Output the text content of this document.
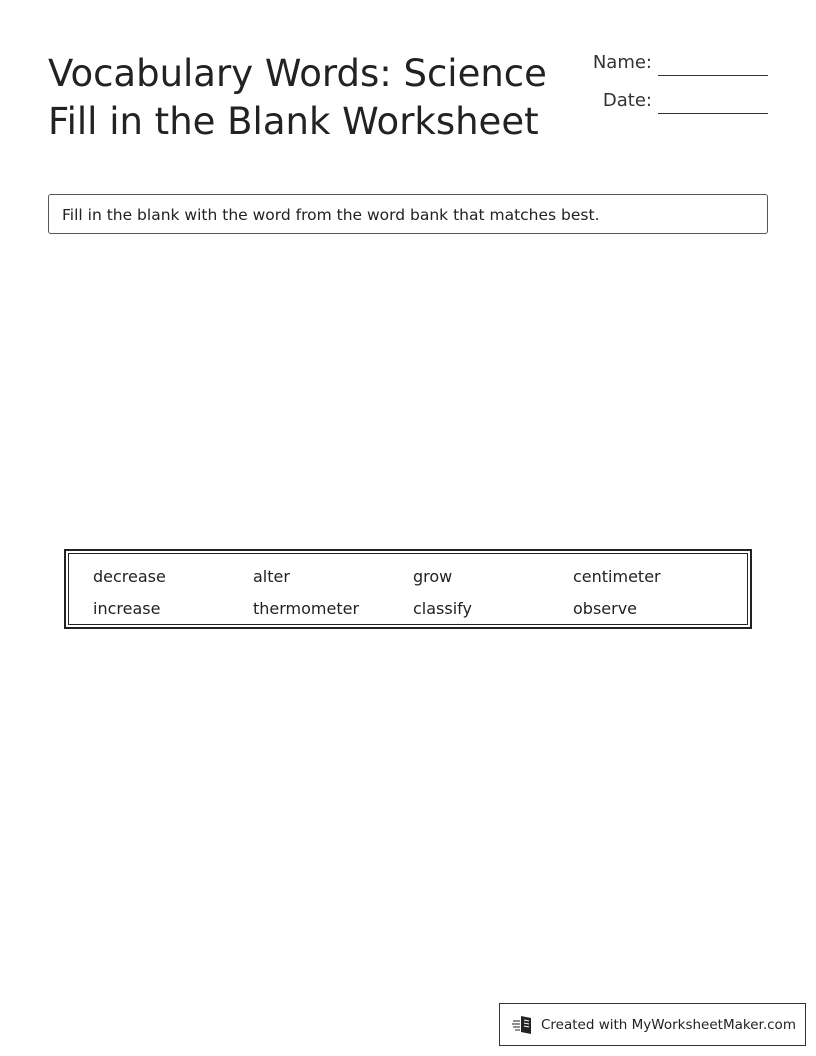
Vocabulary Words: Science
Fill in the Blank Worksheet
Name:
Date:
Fill in the blank with the word from the word bank that matches best.
decrease	alter	grow	centimeter
increase	thermometer	classify	observe
Created with MyWorksheetMaker.com
